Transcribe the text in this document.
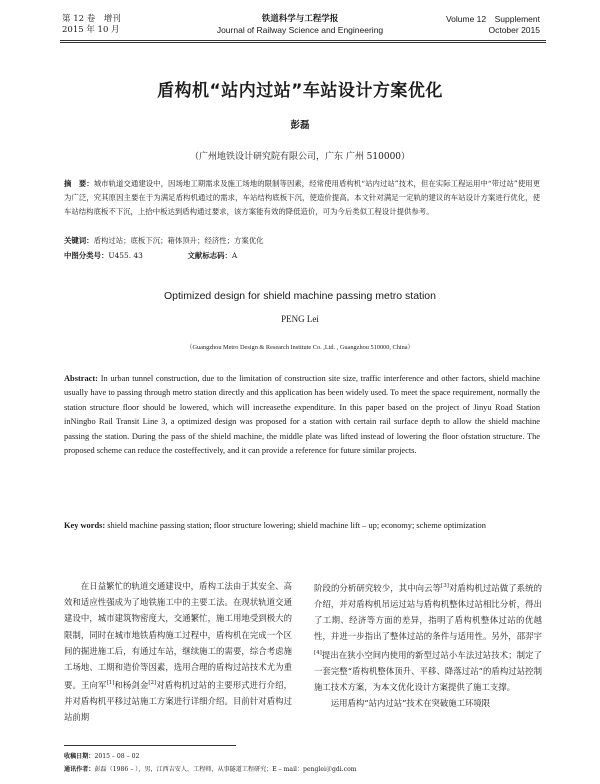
第 12 卷　增刊
2015 年 10 月
铁道科学与工程学报
Journal of Railway Science and Engineering
Volume 12　Supplement
October 2015
盾构机“站内过站”车站设计方案优化
彭磊
（广州地铁设计研究院有限公司，广东 广州 510000）
摘　要：城市轨道交通建设中，因场地工期需求及施工场地的限制等因素，经常使用盾构机“站内过站”技术，但在实际工程运用中“带过站”使用更为广泛，究其原因主要在于为满足盾构机通过的需求，车站结构底板下沉，使造价提高。本文针对满足一定轨的建议的车站设计方案进行优化，使车站结构底板不下沉，上拾中板达到盾构通过要求，该方案能有效的降低造价，可为今后类似工程设计提供参考。
关键词：盾构过站；底板下沉；箱体顶升；经济性；方案优化
中图分类号：U455. 43	文献标志码：A
Optimized design for shield machine passing metro station
PENG Lei
（Guangzhou Metro Design & Research Institute Co. ,Ltd. , Guangzhou 510000, China）
Abstract: In urban tunnel construction, due to the limitation of construction site size, traffic interference and other factors, shield machine usually have to passing through metro station directly and this application has been widely used. To meet the space requirement, normally the station structure floor should be lowered, which will increasethe expenditure. In this paper based on the project of Jinyu Road Station inNingbo Rail Transit Line 3, a optimized design was proposed for a station with certain rail surface depth to allow the shield machine passing the station. During the pass of the shield machine, the middle plate was lifted instead of lowering the floor ofstation structure. The proposed scheme can reduce the costeffectively, and it can provide a reference for future similar projects.
Key words: shield machine passing station; floor structure lowering; shield machine lift – up; economy; scheme optimization
在日益繁忙的轨道交通建设中，盾构工法由于其安全、高效和适应性强成为了地铁施工中的主要工法。在现状轨道交通建设中，城市建筑物密度大，交通繁忙，施工用地受到极大的限制，同时在城市地铁盾构施工过程中，盾构机在完成一个区间的掘进施工后，有通过车站，继续施工的需要，综合考虑施工场地、工期和造价等因素，选用合理的盾构过站技术尤为重要。王向军[1]和杨剑金[2]对盾构机过站的主要形式进行介绍，并对盾构机平移过站施工方案进行详细介绍。目前针对盾构过站前期
阶段的分析研究较少，其中向云等[3]对盾构机过站做了系统的介绍，并对盾构机吊运过站与盾构机整体过站相比分析，得出了工期、经济等方面的差异，指明了盾构机整体过站的优越性，并进一步指出了整体过站的条件与适用性。另外，邵羿宇[4]提出在狭小空间内使用的新型过站小车法过站技术；制定了一套完整“盾构机整体顶升、平移、降落过站”的盾构过站控制施工技术方案，为本文优化设计方案提供了施工支撑。
运用盾构“站内过站”技术在突破施工环境限
收稿日期：2015 – 08 – 02
通讯作者：彭磊（1986 – ），男，江西吉安人，工程师，从事隧道工程研究；E – mail：penglei＠gdi.com
